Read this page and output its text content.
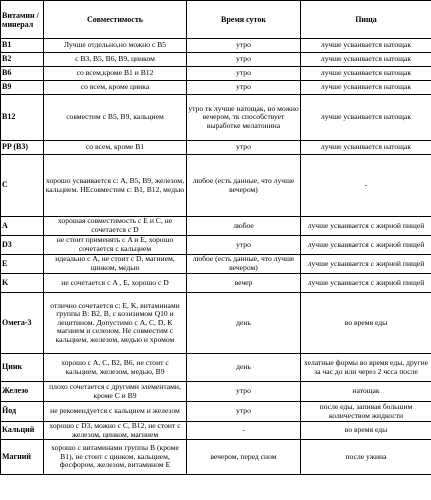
Витамин / минерал	Совместимость	Время суток	Пища
B1	Лучше отдельно,но можно с B5	утро	лучше усваивается натощак
B2	с B3, B5, B6, B9, цинком	утро	лучше усваивается натощак
B6	со всем,кроме B1 и B12	утро	лучше усваивается натощак
B9	со всем, кроме цинка	утро	лучше усваивается натощак
B12	совместим с B5, B9, кальцием	утро тк лучше натощак, но можно вечером, тк способствует выработке мелатонина	лучше усваивается натощак
PP (B3)	со всем, кроме B1	утро	лучше усваивается натощак
C	хорошо усваивается с: A, B5, B9, железом, кальцием. НЕсовместим с: B1, B12, медью	любое (есть данные, что лучше вечером)	-
A	хорошая совместимость с E и C, не сочетается с D	любое	лучше усваивается с жирной пищей
D3	не стоит применять с A и E, хорошо сочетается с кальцием	утро	лучше усваивается с жирной пищей
E	идеально с A, не стоит с D, магнием, цинком, медью	любое (есть данные, что лучше вечером)	лучше усваивается с жирной пищей
K	не сочетается с A , E, хорошо с D	вечер	лучше усваивается с жирной пищей
Омега-3	отлично сочетается с: E, K, витаминами группы B: B2, B, с коэнзимом Q10 и лецитином. Допустимо с A, C, D, K магнием и селеном. Не совместим с кальцием, железом, медью и хромом	день	во время еды
Цинк	хорошо с A, C, B2, B6, не стоит с кальцием, железом, медью, B9	день	хелатные формы во время еды, другие за час до или через 2 чсса после
Железо	плохо сочетается с другими элементами, кроме C и B9	утро	натощак
Йод	не рекомендуется с кальцием и железом	утро	после еды, запивая большим количеством жидкости
Кальций	хорошо с D3, можно с C, B12, не стоит с железом, цинком, магнием	-	во время еды
Магний	хорошо с витаминами группы B (кроме B1), не стоит с цинком, кальцием, фосфором, железом, витамином E	вечером, перед сном	после ужина
